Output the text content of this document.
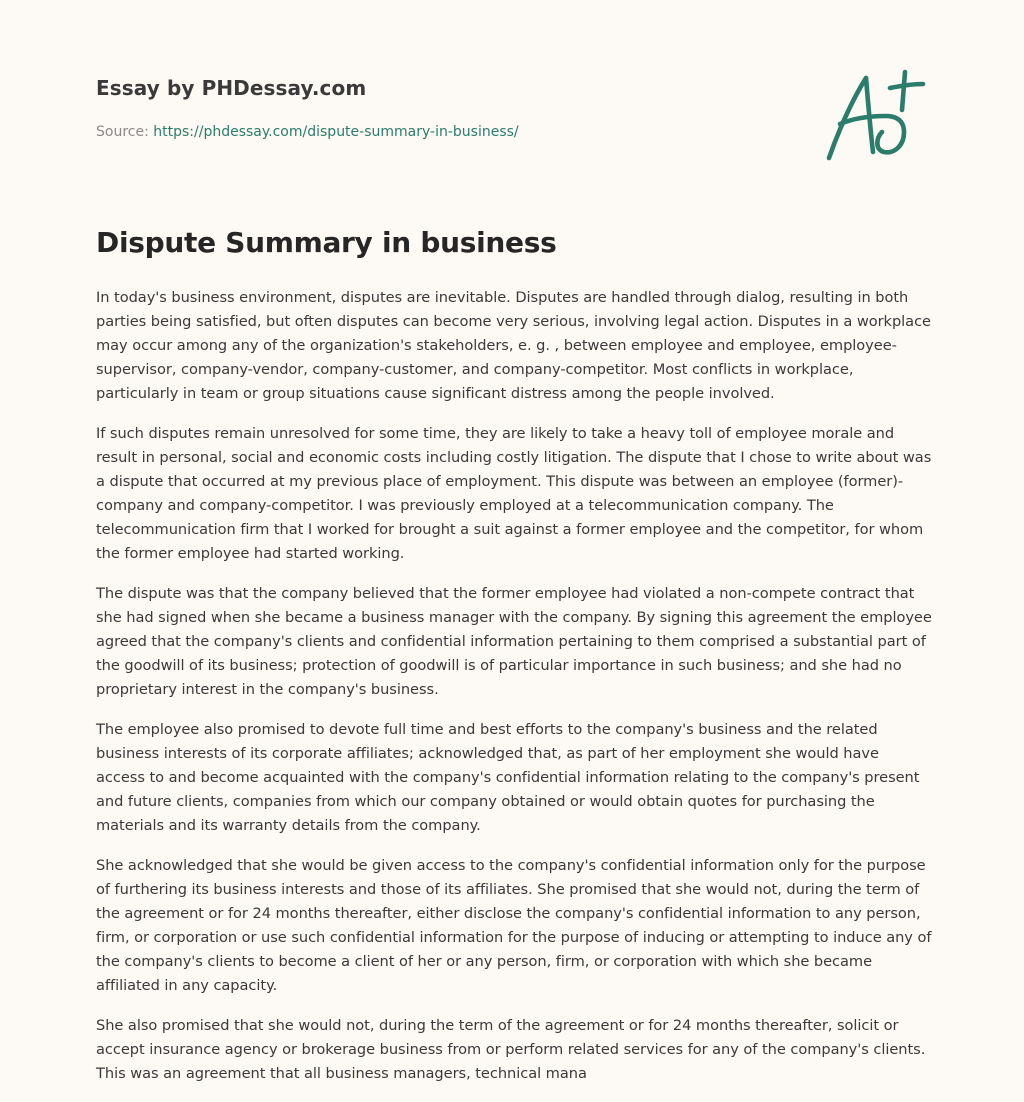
Essay by PHDessay.com
Source: https://phdessay.com/dispute-summary-in-business/
Dispute Summary in business

In today's business environment, disputes are inevitable. Disputes are handled through dialog, resulting in both parties being satisfied, but often disputes can become very serious, involving legal action. Disputes in a workplace may occur among any of the organization's stakeholders, e. g. , between employee and employee, employee-supervisor, company-vendor, company-customer, and company-competitor. Most conflicts in workplace, particularly in team or group situations cause significant distress among the people involved.

If such disputes remain unresolved for some time, they are likely to take a heavy toll of employee morale and result in personal, social and economic costs including costly litigation. The dispute that I chose to write about was a dispute that occurred at my previous place of employment. This dispute was between an employee (former)-company and company-competitor. I was previously employed at a telecommunication company. The telecommunication firm that I worked for brought a suit against a former employee and the competitor, for whom the former employee had started working.

The dispute was that the company believed that the former employee had violated a non-compete contract that she had signed when she became a business manager with the company. By signing this agreement the employee agreed that the company's clients and confidential information pertaining to them comprised a substantial part of the goodwill of its business; protection of goodwill is of particular importance in such business; and she had no proprietary interest in the company's business.

The employee also promised to devote full time and best efforts to the company's business and the related business interests of its corporate affiliates; acknowledged that, as part of her employment she would have access to and become acquainted with the company's confidential information relating to the company's present and future clients, companies from which our company obtained or would obtain quotes for purchasing the materials and its warranty details from the company.

She acknowledged that she would be given access to the company's confidential information only for the purpose of furthering its business interests and those of its affiliates. She promised that she would not, during the term of the agreement or for 24 months thereafter, either disclose the company's confidential information to any person, firm, or corporation or use such confidential information for the purpose of inducing or attempting to induce any of the company's clients to become a client of her or any person, firm, or corporation with which she became affiliated in any capacity.

She also promised that she would not, during the term of the agreement or for 24 months thereafter, solicit or accept insurance agency or brokerage business from or perform related services for any of the company's clients. This was an agreement that all business managers, technical mana
